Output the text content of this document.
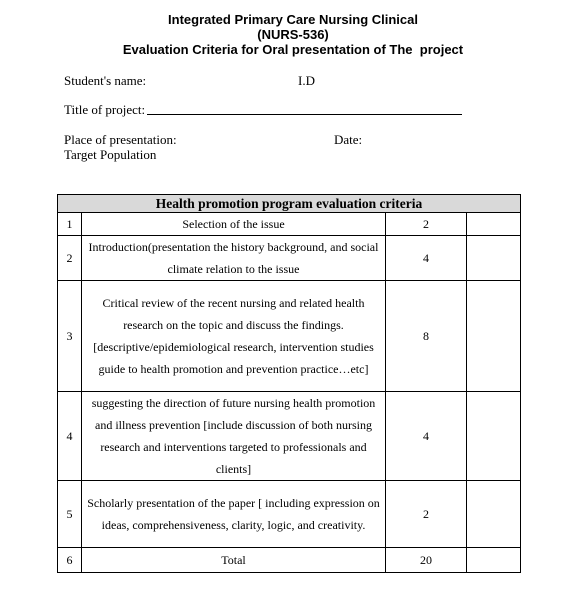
Integrated Primary Care Nursing Clinical
(NURS-536)
Evaluation Criteria for Oral presentation of The  project
Student's name:	I.D
Title of project:
Place of presentation:	Date:
Target Population
Health promotion program evaluation criteria			
1	Selection of the issue	2	
2	Introduction(presentation the history background, and social climate relation to the issue	4	
3	Critical review of the recent nursing and related health research on the topic and discuss the findings. [descriptive/epidemiological research, intervention studies guide to health promotion and prevention practice…etc]	8	
4	suggesting the direction of future nursing health promotion and illness prevention [include discussion of both nursing research and interventions targeted to professionals and clients]	4	
5	Scholarly presentation of the paper [ including expression on ideas, comprehensiveness, clarity, logic, and creativity.	2	
6	Total	20	
